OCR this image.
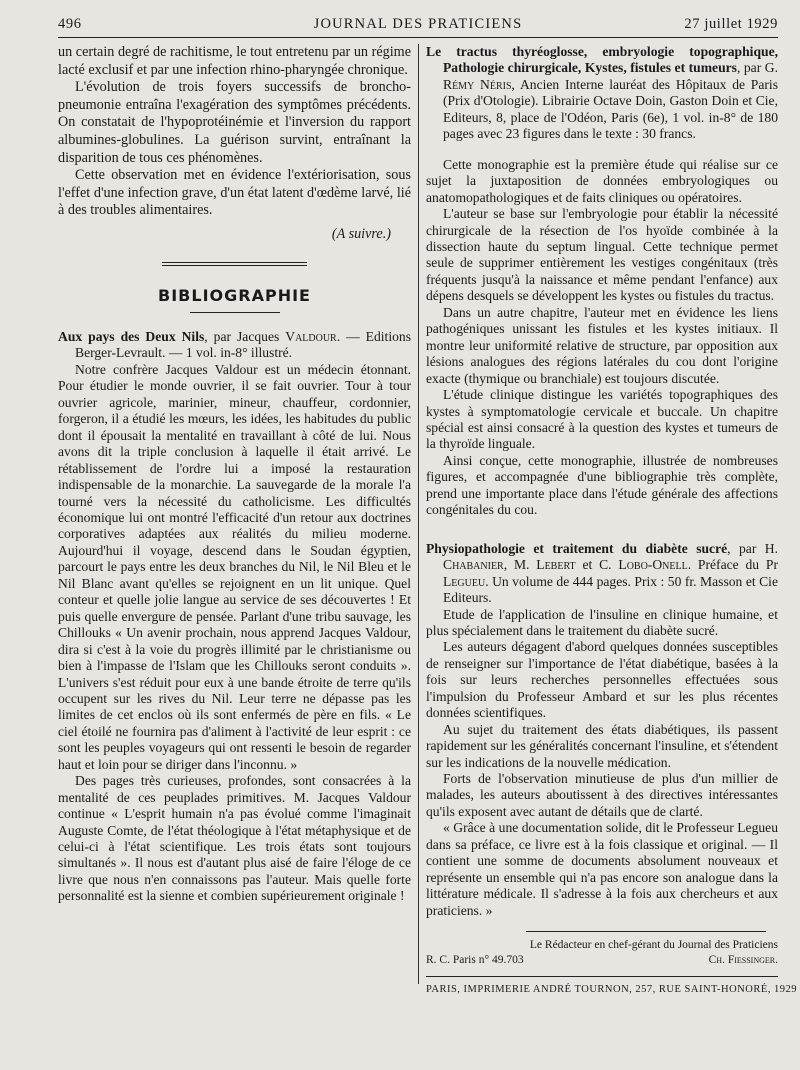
496	JOURNAL DES PRATICIENS	27 juillet 1929

un certain degré de rachitisme, le tout entretenu par un régime lacté exclusif et par une infection rhino-pharyngée chronique.

L'évolution de trois foyers successifs de broncho-pneumonie entraîna l'exagération des symptômes précédents. On constatait de l'hypoprotéinémie et l'inversion du rapport albumines-globulines. La guérison survint, entraînant la disparition de tous ces phénomènes.

Cette observation met en évidence l'extériorisation, sous l'effet d'une infection grave, d'un état latent d'œdème larvé, lié à des troubles alimentaires.

(A suivre.)
BIBLIOGRAPHIE

Aux pays des Deux Nils, par Jacques Valdour. — Editions Berger-Levrault. — 1 vol. in-8° illustré.

Notre confrère Jacques Valdour est un médecin étonnant. Pour étudier le monde ouvrier, il se fait ouvrier. Tour à tour ouvrier agricole, marinier, mineur, chauffeur, cordonnier, forgeron, il a étudié les mœurs, les idées, les habitudes du public dont il épousait la mentalité en travaillant à côté de lui. Nous avons dit la triple conclusion à laquelle il était arrivé. Le rétablissement de l'ordre lui a imposé la restauration indispensable de la monarchie. La sauvegarde de la morale l'a tourné vers la nécessité du catholicisme. Les difficultés économique lui ont montré l'efficacité d'un retour aux doctrines corporatives adaptées aux réalités du milieu moderne. Aujourd'hui il voyage, descend dans le Soudan égyptien, parcourt le pays entre les deux branches du Nil, le Nil Bleu et le Nil Blanc avant qu'elles se rejoignent en un lit unique. Quel conteur et quelle jolie langue au service de ses découvertes ! Et puis quelle envergure de pensée. Parlant d'une tribu sauvage, les Chillouks « Un avenir prochain, nous apprend Jacques Valdour, dira si c'est à la voie du progrès illimité par le christianisme ou bien à l'impasse de l'Islam que les Chillouks seront conduits ». L'univers s'est réduit pour eux à une bande étroite de terre qu'ils occupent sur les rives du Nil. Leur terre ne dépasse pas les limites de cet enclos où ils sont enfermés de père en fils. « Le ciel étoilé ne fournira pas d'aliment à l'activité de leur esprit : ce sont les peuples voyageurs qui ont ressenti le besoin de regarder haut et loin pour se diriger dans l'inconnu. »

Des pages très curieuses, profondes, sont consacrées à la mentalité de ces peuplades primitives. M. Jacques Valdour continue « L'esprit humain n'a pas évolué comme l'imaginait Auguste Comte, de l'état théologique à l'état métaphysique et de celui-ci à l'état scientifique. Les trois états sont toujours simultanés ». Il nous est d'autant plus aisé de faire l'éloge de ce livre que nous n'en connaissons pas l'auteur. Mais quelle forte personnalité est la sienne et combien supérieurement originale !

Le tractus thyréoglosse, embryologie topographique, Pathologie chirurgicale, Kystes, fistules et tumeurs, par G. Rémy Néris, Ancien Interne lauréat des Hôpitaux de Paris (Prix d'Otologie). Librairie Octave Doin, Gaston Doin et Cie, Editeurs, 8, place de l'Odéon, Paris (6e), 1 vol. in-8° de 180 pages avec 23 figures dans le texte : 30 francs.

Cette monographie est la première étude qui réalise sur ce sujet la juxtaposition de données embryologiques ou anatomopathologiques et de faits cliniques ou opératoires.

L'auteur se base sur l'embryologie pour établir la nécessité chirurgicale de la résection de l'os hyoïde combinée à la dissection haute du septum lingual. Cette technique permet seule de supprimer entièrement les vestiges congénitaux (très fréquents jusqu'à la naissance et même pendant l'enfance) aux dépens desquels se développent les kystes ou fistules du tractus.

Dans un autre chapitre, l'auteur met en évidence les liens pathogéniques unissant les fistules et les kystes initiaux. Il montre leur uniformité relative de structure, par opposition aux lésions analogues des régions latérales du cou dont l'origine exacte (thymique ou branchiale) est toujours discutée.

L'étude clinique distingue les variétés topographiques des kystes à symptomatologie cervicale et buccale. Un chapitre spécial est ainsi consacré à la question des kystes et tumeurs de la thyroïde linguale.

Ainsi conçue, cette monographie, illustrée de nombreuses figures, et accompagnée d'une bibliographie très complète, prend une importante place dans l'étude générale des affections congénitales du cou.

Physiopathologie et traitement du diabète sucré, par H. Chabanier, M. Lebert et C. Lobo-Onell. Préface du Pr Legueu. Un volume de 444 pages. Prix : 50 fr. Masson et Cie Editeurs.

Etude de l'application de l'insuline en clinique humaine, et plus spécialement dans le traitement du diabète sucré.

Les auteurs dégagent d'abord quelques données susceptibles de renseigner sur l'importance de l'état diabétique, basées à la fois sur leurs recherches personnelles effectuées sous l'impulsion du Professeur Ambard et sur les plus récentes données scientifiques.

Au sujet du traitement des états diabétiques, ils passent rapidement sur les généralités concernant l'insuline, et s'étendent sur les indications de la nouvelle médication.

Forts de l'observation minutieuse de plus d'un millier de malades, les auteurs aboutissent à des directives intéressantes qu'ils exposent avec autant de détails que de clarté.

« Grâce à une documentation solide, dit le Professeur Legueu dans sa préface, ce livre est à la fois classique et original. — Il contient une somme de documents absolument nouveaux et représente un ensemble qui n'a pas encore son analogue dans la littérature médicale. Il s'adresse à la fois aux chercheurs et aux praticiens. »

Le Rédacteur en chef-gérant du Journal des Praticiens
R. C. Paris n° 49.703	Ch. Fiessinger.
PARIS, IMPRIMERIE ANDRÉ TOURNON, 257, RUE SAINT-HONORÉ, 1929
